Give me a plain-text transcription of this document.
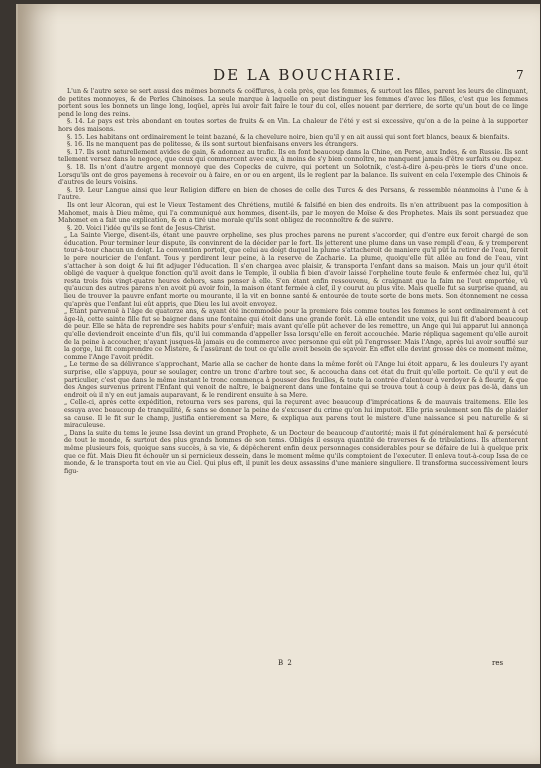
DE LA BOUCHARIE.	7

L'un & l'autre sexe se sert aussi des mêmes bonnets & coëffures, à cela près, que les femmes, & surtout les filles, parent les leurs de clinquant, de petites monnoyes, & de Perles Chinoises. La seule marque à laquelle on peut distinguer les femmes d'avec les filles, c'est que les femmes portent sous les bonnets un linge long, loqüel, après lui avoir fait faire le tour du col, elles nouent par derriere, de sorte qu'un bout de ce linge pend le long des reins.

§. 14. Le pays est très abondant en toutes sortes de fruits & en Vin. La chaleur de l'été y est si excessive, qu'on a de la peine à la supporter hors des maisons.

§. 15. Les habitans ont ordinairement le teint bazané, & la chevelure noire, bien qu'il y en ait aussi qui sont fort blancs, beaux & bienfaits.

§. 16. Ils ne manquent pas de politesse, & ils sont surtout bienfaisans envers les étrangers.

§. 17. Ils sont naturellement avides de gain, & adonnez au trafic. Ils en font beaucoup dans la Chine, en Perse, aux Indes, & en Russie. Ils sont tellement versez dans le negoce, que ceux qui commercent avec eux, à moins de s'y bien connoître, ne manquent jamais d'être surfaits ou dupez.

§. 18. Ils n'ont d'autre argent monnoyé que des Copecks de cuivre, qui portent un Solotnik, c'est-à-dire à-peu-près le tiers d'une once. Lorsqu'ils ont de gros payemens à recevoir ou à faire, en or ou en argent, ils le reglent par la balance. Ils suivent en cela l'exemple des Chinois & d'autres de leurs voisins.

§. 19. Leur Langue ainsi que leur Religion differe en bien de choses de celle des Turcs & des Persans, & ressemble néanmoins à l'une & à l'autre.

Ils ont leur Alcoran, qui est le Vieux Testament des Chrétiens, mutilé & falsifié en bien des endroits. Ils n'en attribuent pas la composition à Mahomet, mais à Dieu même, qui l'a communiqué aux hommes, disent-ils, par le moyen de Moïse & des Prophetes. Mais ils sont persuadez que Mahomet en a fait une explication, & en a tiré une morale qu'ils sont obligez de reconnoître & de suivre.

§. 20. Voici l'idée qu'ils se font de Jesus-Christ.

„ La Sainte Vierge, disent-ils, étant une pauvre orpheline, ses plus proches parens ne purent s'accorder, qui d'entre eux feroit chargé de son éducation. Pour terminer leur dispute, ils convinrent de la décider par le fort. Ils jetterent une plume dans un vase rempli d'eau, & y tremperent tour-à-tour chacun un doigt. La convention portoit, que celui au doigt duquel la plume s'attacheroit de maniere qu'il pût la retirer de l'eau, feroit le pere nouricier de l'enfant. Tous y perdirent leur peine, à la reserve de Zacharie. La plume, quoiqu'elle fût allée au fond de l'eau, vint s'attacher à son doigt & lui fit adjuger l'éducation. Il s'en chargea avec plaisir, & transporta l'enfant dans sa maison. Mais un jour qu'il étoit obligé de vaquer à quelque fonction qu'il avoit dans le Temple, il oublia fi bien d'avoir laissé l'orpheline toute feule & enfermée chez lui, qu'il resta trois fois vingt-quatre heures dehors, sans penser à elle. S'en étant enfin ressouvenu, & craignant que la faim ne l'eut emportée, vû qu'aucun des autres parens n'en avoit pû avoir foin, la maison étant fermée à clef, il y courut au plus vite. Mais quelle fut sa surprise quand, au lieu de trouver la pauvre enfant morte ou mourante, il la vit en bonne santé & entourée de toute sorte de bons mets. Son étonnement ne cessa qu'après que l'enfant lui eût appris, que Dieu les lui avoit envoyez.

„ Etant parvenuë à l'âge de quatorze ans, & ayant été incommodée pour la premiere fois comme toutes les femmes le sont ordinairement à cet âge-là, cette sainte fille fut se baigner dans une fontaine qui étoit dans une grande forêt. Là elle entendit une voix, qui lui fit d'abord beaucoup de peur. Elle se hâta de reprendre ses habits pour s'enfuir; mais avant qu'elle pût achever de les remettre, un Ange qui lui apparut lui annonça qu'elle deviendroit enceinte d'un fils, qu'il lui commanda d'appeller Issa lorsqu'elle en feroit accouchée. Marie répliqua sagement qu'elle auroit de la peine à accoucher, n'ayant jusques-là jamais eu de commerce avec personne qui eût pû l'engrosser. Mais l'Ange, après lui avoir soufflé sur la gorge, lui fit comprendre ce Mistere, & l'assûrant de tout ce qu'elle avoit besoin de sçavoir. En effet elle devint grosse dès ce moment même, comme l'Ange l'avoit prédit.

„ Le terme de sa délivrance s'approchant, Marie alla se cacher de honte dans la même forêt où l'Ange lui étoit apparu, & les douleurs l'y ayant surprise, elle s'appuya, pour se soulager, contre un tronc d'arbre tout sec, & accoucha dans cet état du fruit qu'elle portoit. Ce qu'il y eut de particulier, c'est que dans le même instant le tronc commença à pousser des feuilles, & toute la contrée d'alentour à verdoyer & à fleurir, & que des Anges survenus prirent l'Enfant qui venoit de naître, le baignerent dans une fontaine qui se trouva tout à coup à deux pas de-là, dans un endroit où il n'y en eut jamais auparavant, & le rendirent ensuite à sa Mere.

„ Celle-ci, après cette expédition, retourna vers ses parens, qui la reçurent avec beaucoup d'imprécations & de mauvais traitemens. Elle les essuya avec beaucoup de tranquilité, & sans se donner la peine de s'excuser du crime qu'on lui imputoit. Elle pria seulement son fils de plaider sa cause. Il le fit sur le champ, justifia entierement sa Mere, & expliqua aux parens tout le mistere d'une naissance si peu naturelle & si miraculeuse.

„ Dans la suite du tems le jeune Issa devint un grand Prophete, & un Docteur de beaucoup d'autorité; mais il fut généralement haï & persécuté de tout le monde, & surtout des plus grands hommes de son tems. Obligés il essuya quantité de traverses & de tribulations. Ils attenterent même plusieurs fois, quoique sans succès, à sa vie, & dépêcherent enfin deux personnages considerables pour se défaire de lui à quelque prix que ce fût. Mais Dieu fit échouër un si pernicieux dessein, dans le moment même qu'ils comptoient de l'executer. Il enleva tout-à-coup Issa de ce monde, & le transporta tout en vie au Ciel. Qui plus eft, il punit les deux assassins d'une maniere singuliere. Il transforma successivement leurs figu-

B 2	res
